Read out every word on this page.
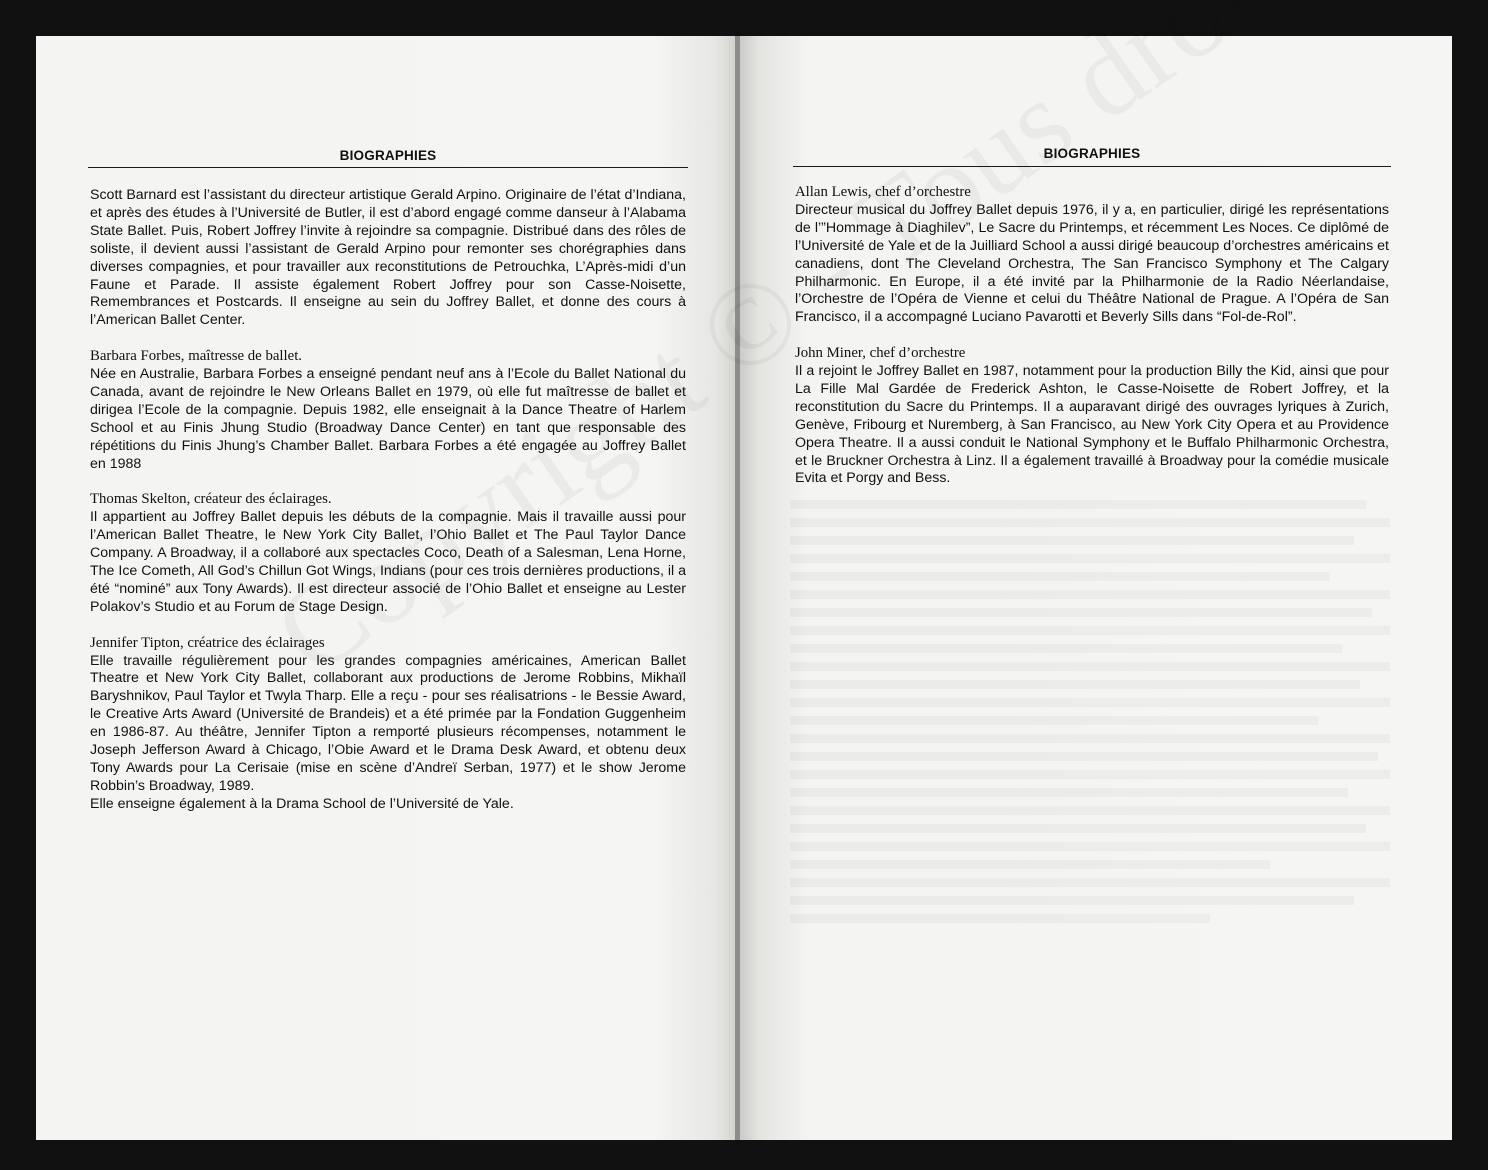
BIOGRAPHIES
Scott Barnard est l’assistant du directeur artistique Gerald Arpino. Originaire de l’état d’Indiana, et après des études à l’Université de Butler, il est d’abord engagé comme danseur à l’Alabama State Ballet. Puis, Robert Joffrey l’invite à rejoindre sa compagnie. Distribué dans des rôles de soliste, il devient aussi l’assistant de Gerald Arpino pour remonter ses chorégraphies dans diverses compagnies, et pour travailler aux reconstitutions de Petrouchka, L’Après-midi d’un Faune et Parade. Il assiste également Robert Joffrey pour son Casse-Noisette, Remembrances et Postcards. Il enseigne au sein du Joffrey Ballet, et donne des cours à l’American Ballet Center.
Barbara Forbes, maîtresse de ballet.
Née en Australie, Barbara Forbes a enseigné pendant neuf ans à l’Ecole du Ballet National du Canada, avant de rejoindre le New Orleans Ballet en 1979, où elle fut maîtresse de ballet et dirigea l’Ecole de la compagnie. Depuis 1982, elle enseignait à la Dance Theatre of Harlem School et au Finis Jhung Studio (Broadway Dance Center) en tant que responsable des répétitions du Finis Jhung’s Chamber Ballet. Barbara Forbes a été engagée au Joffrey Ballet en 1988
Thomas Skelton, créateur des éclairages.
Il appartient au Joffrey Ballet depuis les débuts de la compagnie. Mais il travaille aussi pour l’American Ballet Theatre, le New York City Ballet, l’Ohio Ballet et The Paul Taylor Dance Company. A Broadway, il a collaboré aux spectacles Coco, Death of a Salesman, Lena Horne, The Ice Cometh, All God’s Chillun Got Wings, Indians (pour ces trois dernières productions, il a été “nominé” aux Tony Awards). Il est directeur associé de l’Ohio Ballet et enseigne au Lester Polakov’s Studio et au Forum de Stage Design.
Jennifer Tipton, créatrice des éclairages
Elle travaille régulièrement pour les grandes compagnies américaines, American Ballet Theatre et New York City Ballet, collaborant aux productions de Jerome Robbins, Mikhaïl Baryshnikov, Paul Taylor et Twyla Tharp. Elle a reçu - pour ses réalisatrions - le Bessie Award, le Creative Arts Award (Université de Brandeis) et a été primée par la Fondation Guggenheim en 1986-87. Au théâtre, Jennifer Tipton a remporté plusieurs récompenses, notamment le Joseph Jefferson Award à Chicago, l’Obie Award et le Drama Desk Award, et obtenu deux Tony Awards pour La Cerisaie (mise en scène d’Andreï Serban, 1977) et le show Jerome Robbin’s Broadway, 1989.
Elle enseigne également à la Drama School de l’Université de Yale.
BIOGRAPHIES
Allan Lewis, chef d’orchestre
Directeur musical du Joffrey Ballet depuis 1976, il y a, en particulier, dirigé les représentations de l’”Hommage à Diaghilev”, Le Sacre du Printemps, et récemment Les Noces. Ce diplômé de l’Université de Yale et de la Juilliard School a aussi dirigé beaucoup d’orchestres américains et canadiens, dont The Cleveland Orchestra, The San Francisco Symphony et The Calgary Philharmonic. En Europe, il a été invité par la Philharmonie de la Radio Néerlandaise, l’Orchestre de l’Opéra de Vienne et celui du Théâtre National de Prague. A l’Opéra de San Francisco, il a accompagné Luciano Pavarotti et Beverly Sills dans “Fol-de-Rol”.
John Miner, chef d’orchestre
Il a rejoint le Joffrey Ballet en 1987, notamment pour la production Billy the Kid, ainsi que pour La Fille Mal Gardée de Frederick Ashton, le Casse-Noisette de Robert Joffrey, et la reconstitution du Sacre du Printemps. Il a auparavant dirigé des ouvrages lyriques à Zurich, Genève, Fribourg et Nuremberg, à San Francisco, au New York City Opera et au Providence Opera Theatre. Il a aussi conduit le National Symphony et le Buffalo Philharmonic Orchestra, et le Bruckner Orchestra à Linz. Il a également travaillé à Broadway pour la comédie musicale Evita et Porgy and Bess.
